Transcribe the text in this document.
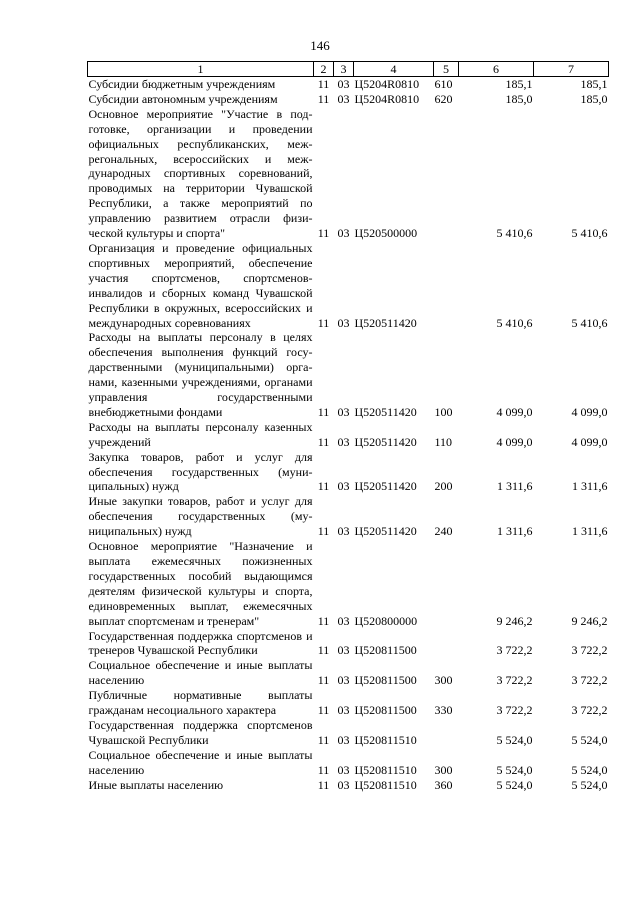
146
1	2	3	4	5	6	7
Субсидии бюджетным учреждениям	11	03	Ц5204R0810	610	185,1	185,1
Субсидии автономным учреждениям	11	03	Ц5204R0810	620	185,0	185,0
Основное мероприятие "Участие в подготовке, организации и проведении официальных республиканских, межрегональных, всероссийских и международных спортивных соревнований, проводимых на территории Чувашской Республики, а также мероприятий по управлению развитием отрасли физической культуры и спорта"	11	03	Ц520500000		5 410,6	5 410,6
Организация и проведение официальных спортивных мероприятий, обеспечение участия спортсменов, спортсменов-инвалидов и сборных команд Чувашской Республики в окружных, всероссийских и международных соревнованиях	11	03	Ц520511420		5 410,6	5 410,6
Расходы на выплаты персоналу в целях обеспечения выполнения функций государственными (муниципальными) органами, казенными учреждениями, органами управления государственными внебюджетными фондами	11	03	Ц520511420	100	4 099,0	4 099,0
Расходы на выплаты персоналу казенных учреждений	11	03	Ц520511420	110	4 099,0	4 099,0
Закупка товаров, работ и услуг для обеспечения государственных (муниципальных) нужд	11	03	Ц520511420	200	1 311,6	1 311,6
Иные закупки товаров, работ и услуг для обеспечения государственных (муниципальных) нужд	11	03	Ц520511420	240	1 311,6	1 311,6
Основное мероприятие "Назначение и выплата ежемесячных пожизненных государственных пособий выдающимся деятелям физической культуры и спорта, единовременных выплат, ежемесячных выплат спортсменам и тренерам"	11	03	Ц520800000		9 246,2	9 246,2
Государственная поддержка спортсменов и тренеров Чувашской Республики	11	03	Ц520811500		3 722,2	3 722,2
Социальное обеспечение и иные выплаты населению	11	03	Ц520811500	300	3 722,2	3 722,2
Публичные нормативные выплаты гражданам несоциального характера	11	03	Ц520811500	330	3 722,2	3 722,2
Государственная поддержка спортсменов Чувашской Республики	11	03	Ц520811510		5 524,0	5 524,0
Социальное обеспечение и иные выплаты населению	11	03	Ц520811510	300	5 524,0	5 524,0
Иные выплаты населению	11	03	Ц520811510	360	5 524,0	5 524,0
